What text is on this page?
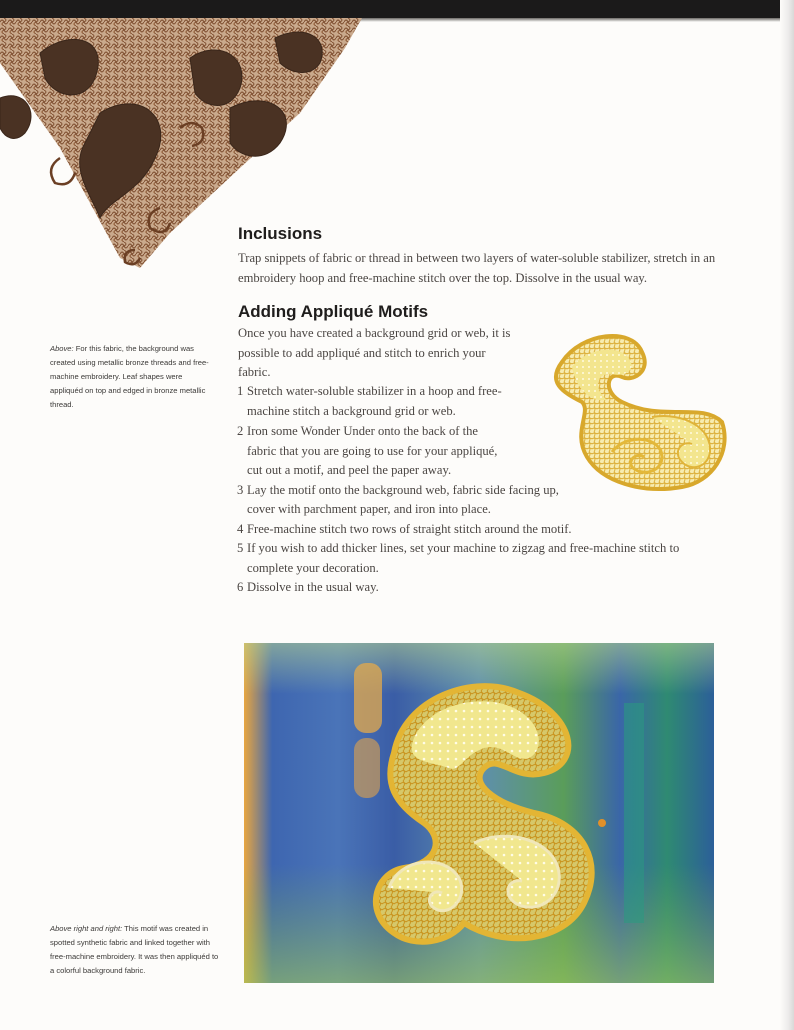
Inclusions

Trap snippets of fabric or thread in between two layers of water-soluble stabilizer, stretch in an embroidery hoop and free-machine stitch over the top. Dissolve in the usual way.

Adding Appliqué Motifs

Once you have created a background grid or web, it is possible to add appliqué and stitch to enrich your fabric.

1 Stretch water-soluble stabilizer in a hoop and free-machine stitch a background grid or web.
2 Iron some Wonder Under onto the back of the fabric that you are going to use for your appliqué, cut out a motif, and peel the paper away.
3 Lay the motif onto the background web, fabric side facing up, cover with parchment paper, and iron into place.
4 Free-machine stitch two rows of straight stitch around the motif.
5 If you wish to add thicker lines, set your machine to zigzag and free-machine stitch to complete your decoration.
6 Dissolve in the usual way.

Above: For this fabric, the background was created using metallic bronze threads and free-machine embroidery. Leaf shapes were appliquéd on top and edged in bronze metallic thread.

Above right and right: This motif was created in spotted synthetic fabric and linked together with free-machine embroidery. It was then appliquéd to a colorful background fabric.
